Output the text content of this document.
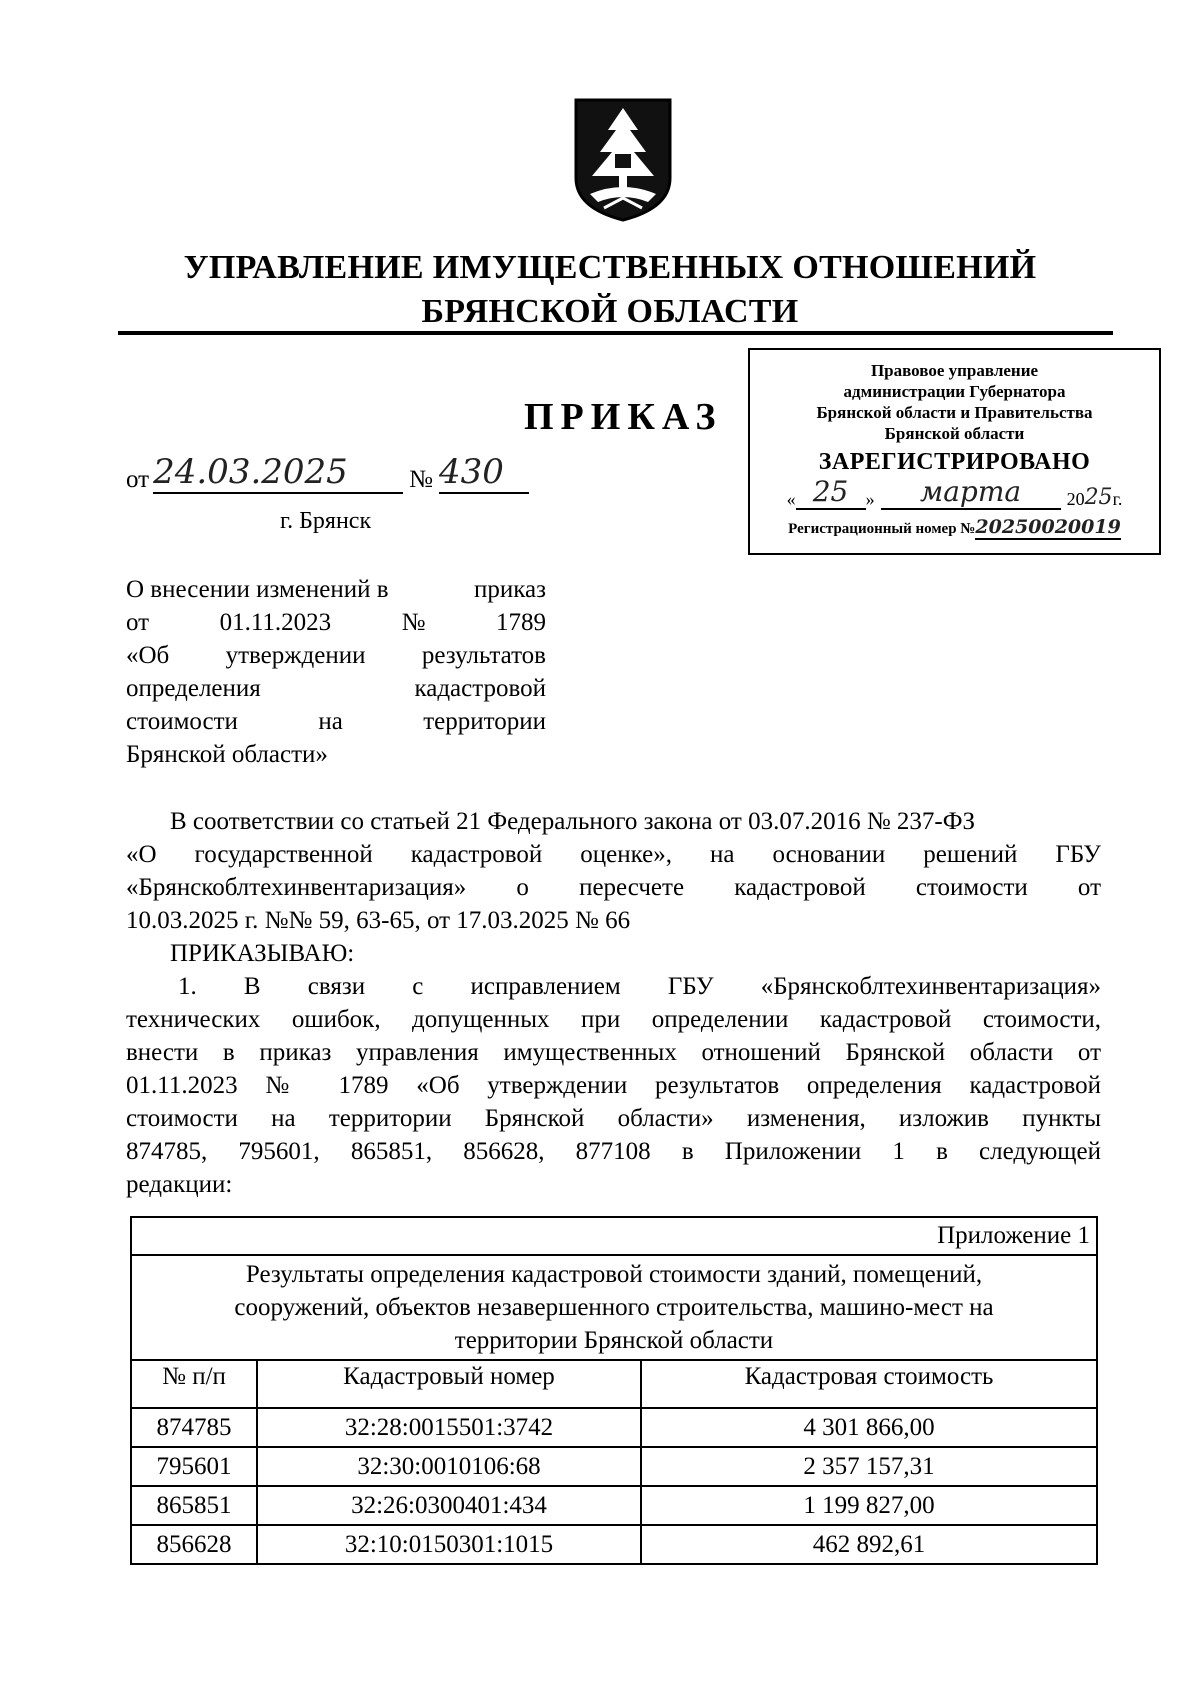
УПРАВЛЕНИЕ ИМУЩЕСТВЕННЫХ ОТНОШЕНИЙ
БРЯНСКОЙ ОБЛАСТИ
Правовое управление
администрации Губернатора
Брянской области и Правительства
Брянской области
ЗАРЕГИСТРИРОВАНО
« 25 »	марта	20 25 г.
Регистрационный номер №20250020019
ПРИКАЗ
от 24.03.2025	№ 430
г. Брянск
О внесении изменений в	приказ
от	01.11.2023	№	1789
«Об утверждении результатов
определения	кадастровой
стоимости	на	территории
Брянской области»
В соответствии со статьей 21 Федерального закона от 03.07.2016 № 237-ФЗ
«О государственной кадастровой оценке», на основании решений ГБУ
«Брянскоблтехинвентаризация» о пересчете кадастровой стоимости от
10.03.2025 г. №№ 59, 63-65, от 17.03.2025 № 66
ПРИКАЗЫВАЮ:
1. В связи с исправлением ГБУ «Брянскоблтехинвентаризация»
технических ошибок, допущенных при определении кадастровой стоимости,
внести в приказ управления имущественных отношений Брянской области от
01.11.2023 № 1789 «Об утверждении результатов определения кадастровой
стоимости на территории Брянской области» изменения, изложив пункты
874785, 795601, 865851, 856628, 877108 в Приложении 1 в следующей
редакции:
Приложение 1		

Результаты определения кадастровой стоимости зданий, помещений,
сооружений, объектов незавершенного строительства, машино-мест на
территории Брянской области		

№ п/п	Кадастровый номер	Кадастровая стоимость
874785	32:28:0015501:3742	4 301 866,00
795601	32:30:0010106:68	2 357 157,31
865851	32:26:0300401:434	1 199 827,00
856628	32:10:0150301:1015	462 892,61
